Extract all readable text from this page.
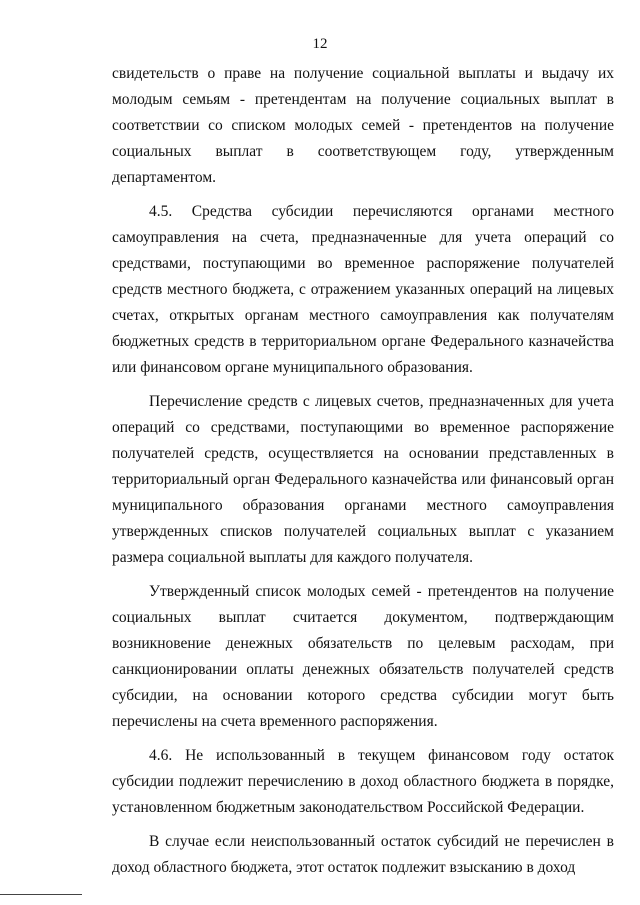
12

свидетельств о праве на получение социальной выплаты и выдачу их молодым семьям - претендентам на получение социальных выплат в соответствии со списком молодых семей - претендентов на получение социальных выплат в соответствующем году, утвержденным департаментом.

4.5. Средства субсидии перечисляются органами местного самоуправления на счета, предназначенные для учета операций со средствами, поступающими во временное распоряжение получателей средств местного бюджета, с отражением указанных операций на лицевых счетах, открытых органам местного самоуправления как получателям бюджетных средств в территориальном органе Федерального казначейства или финансовом органе муниципального образования.

Перечисление средств с лицевых счетов, предназначенных для учета операций со средствами, поступающими во временное распоряжение получателей средств, осуществляется на основании представленных в территориальный орган Федерального казначейства или финансовый орган муниципального образования органами местного самоуправления утвержденных списков получателей социальных выплат с указанием размера социальной выплаты для каждого получателя.

Утвержденный список молодых семей - претендентов на получение социальных выплат считается документом, подтверждающим возникновение денежных обязательств по целевым расходам, при санкционировании оплаты денежных обязательств получателей средств субсидии, на основании которого средства субсидии могут быть перечислены на счета временного распоряжения.

4.6. Не использованный в текущем финансовом году остаток субсидии подлежит перечислению в доход областного бюджета в порядке, установленном бюджетным законодательством Российской Федерации.

В случае если неиспользованный остаток субсидий не перечислен в доход областного бюджета, этот остаток подлежит взысканию в доход
